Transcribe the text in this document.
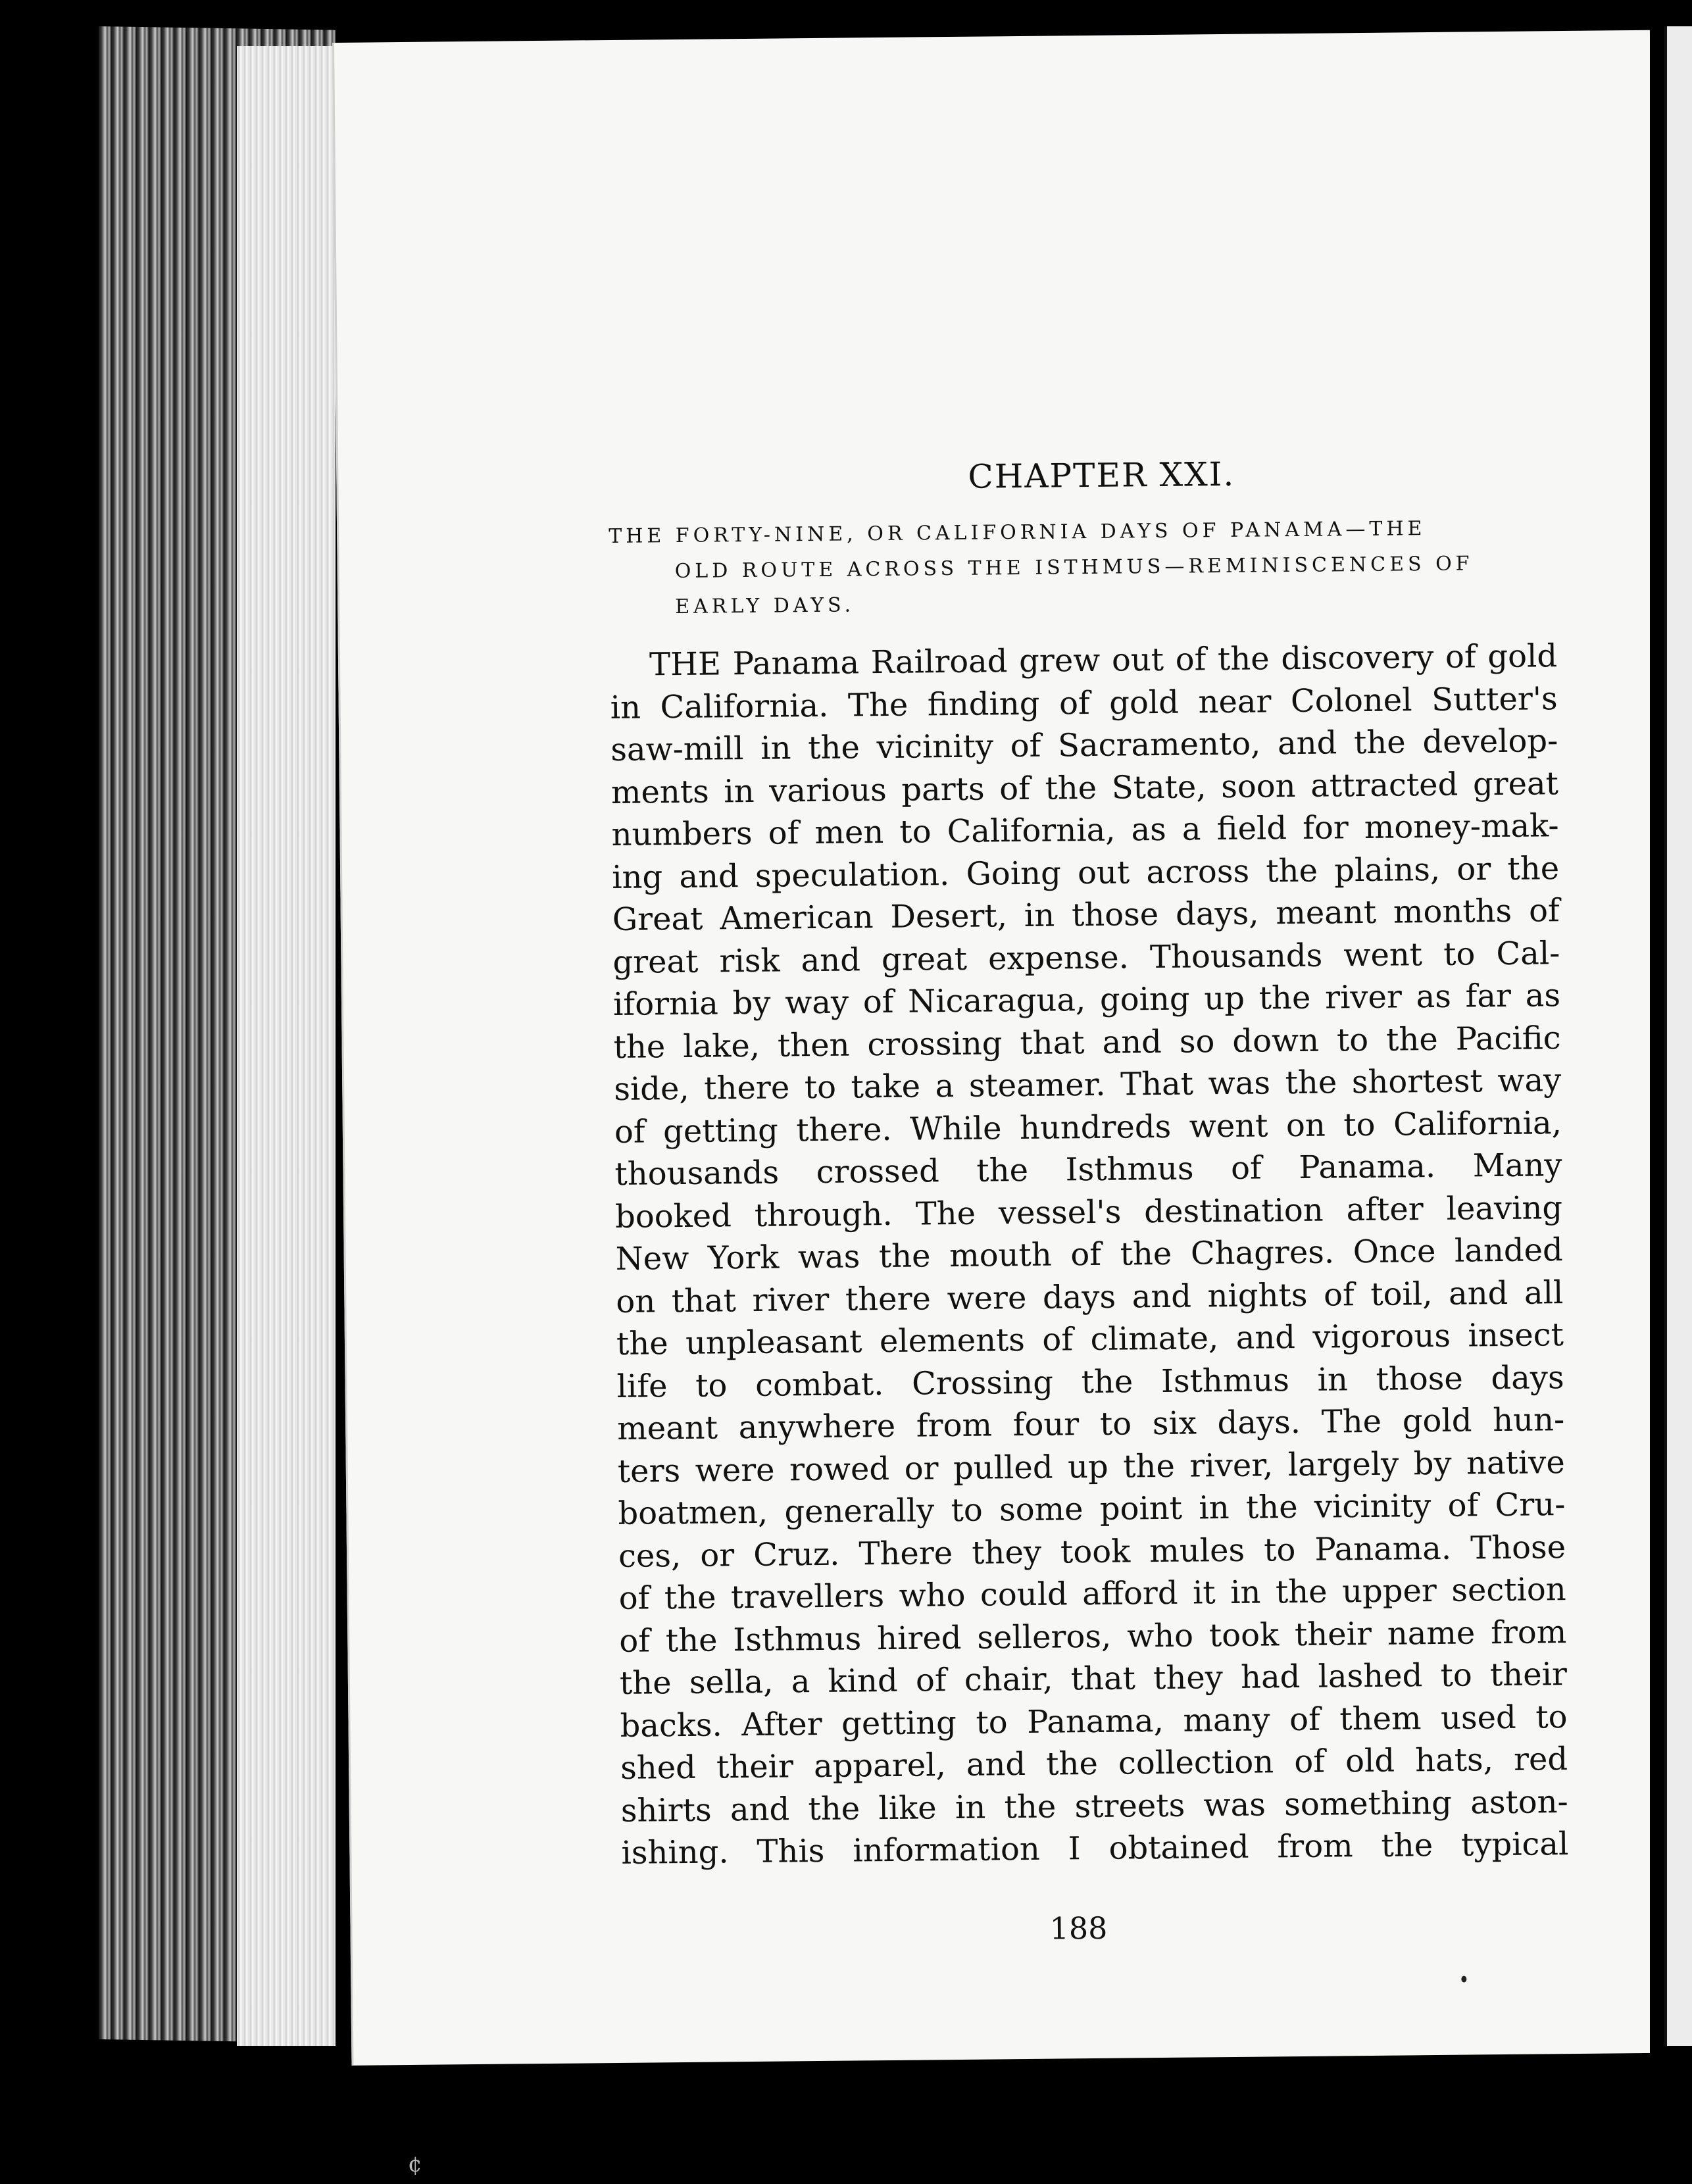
CHAPTER XXI.
THE FORTY-NINE, OR CALIFORNIA DAYS OF PANAMA—THE
OLD ROUTE ACROSS THE ISTHMUS—REMINISCENCES OF
EARLY DAYS.
THE Panama Railroad grew out of the discovery of gold
in California. The finding of gold near Colonel Sutter's
saw-mill in the vicinity of Sacramento, and the develop-
ments in various parts of the State, soon attracted great
numbers of men to California, as a field for money-mak-
ing and speculation. Going out across the plains, or the
Great American Desert, in those days, meant months of
great risk and great expense. Thousands went to Cal-
ifornia by way of Nicaragua, going up the river as far as
the lake, then crossing that and so down to the Pacific
side, there to take a steamer. That was the shortest way
of getting there. While hundreds went on to California,
thousands crossed the Isthmus of Panama. Many
booked through. The vessel's destination after leaving
New York was the mouth of the Chagres. Once landed
on that river there were days and nights of toil, and all
the unpleasant elements of climate, and vigorous insect
life to combat. Crossing the Isthmus in those days
meant anywhere from four to six days. The gold hun-
ters were rowed or pulled up the river, largely by native
boatmen, generally to some point in the vicinity of Cru-
ces, or Cruz. There they took mules to Panama. Those
of the travellers who could afford it in the upper section
of the Isthmus hired selleros, who took their name from
the sella, a kind of chair, that they had lashed to their
backs. After getting to Panama, many of them used to
shed their apparel, and the collection of old hats, red
shirts and the like in the streets was something aston-
ishing. This information I obtained from the typical
188
¢
